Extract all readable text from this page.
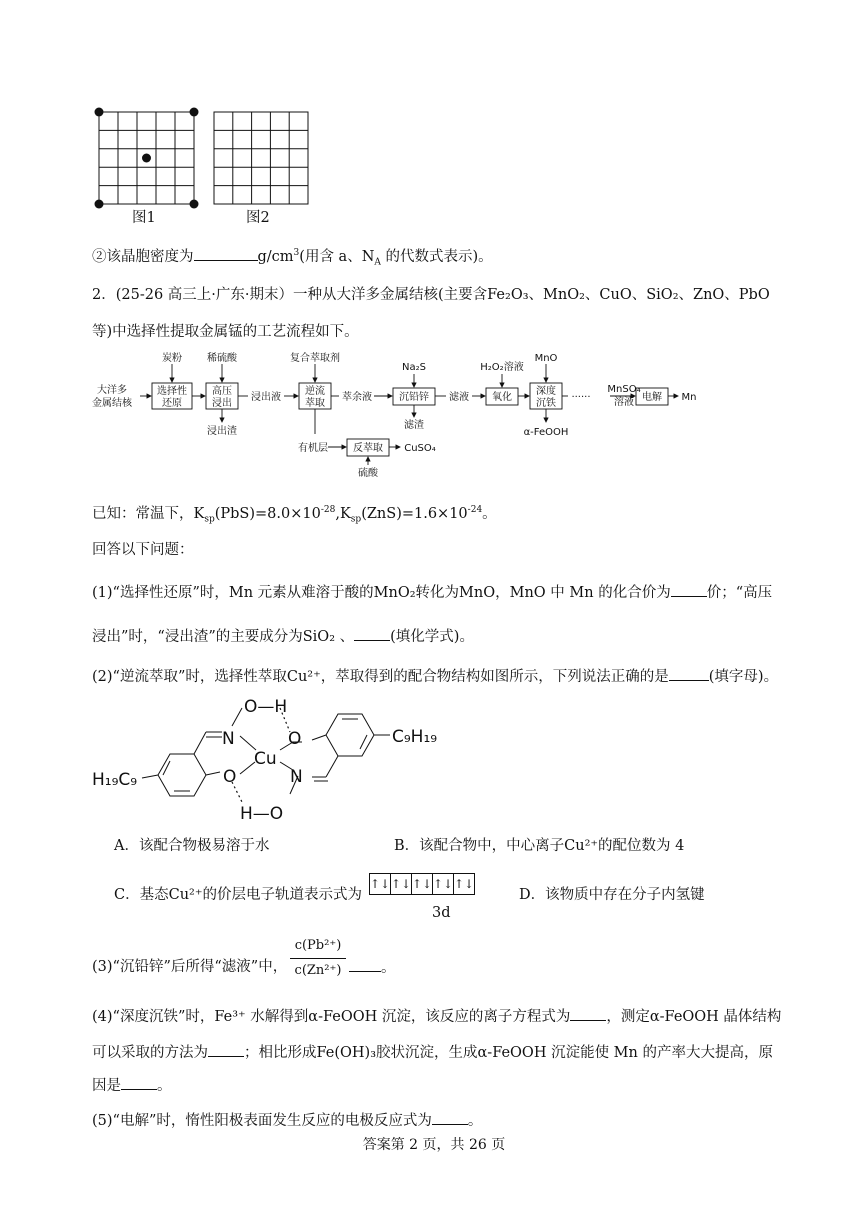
图1	图2
②该晶胞密度为	$g/cm^3$(用含 a、$N_A$ 的代数式表示)。
2．(25-26 高三上·广东·期末）一种从大洋多金属结核(主要含Fe₂O₃、MnO₂、CuO、SiO₂、ZnO、PbO
等)中选择性提取金属锰的工艺流程如下。
大洋多
金属结核
选择性
还原
炭粉
高压
浸出
稀硫酸
浸出渣
浸出液
逆流
萃取
复合萃取剂
萃余液	沉铅锌
Na₂S
滤渣
滤液 氧化
H₂O₂溶液
深度
沉铁
MnO
α-FeOOH
······
MnSO₄
溶液 电解 Mn
有机层	反萃取
硫酸
CuSO₄
已知：常温下，$K_{sp}(PbS)=8.0\times 10^{-28},K_{sp}(ZnS)=1.6\times 10^{-24}$。
回答以下问题：
(1)“选择性还原”时，Mn 元素从难溶于酸的MnO₂转化为MnO，MnO 中 Mn 的化合价为 价；“高压
浸出”时，“浸出渣”的主要成分为SiO₂ 、 (填化学式)。
(2)“逆流萃取”时，选择性萃取Cu²⁺，萃取得到的配合物结构如图所示，下列说法正确的是	(填字母)。
O—H
N
Cu
O
O	N
H—O
C₉H₁₉
H₁₉C₉
A．该配合物极易溶于水	B．该配合物中，中心离子Cu²⁺的配位数为 4
C．基态Cu²⁺的价层电子轨道表示式为
↑↓↑↓↑↓↑↓↑↓
3d
D．该物质中存在分子内氢键
(3)“沉铅锌”后所得“滤液”中，
c(Pb²⁺)
c(Zn²⁺)	。
(4)“深度沉铁”时，Fe³⁺ 水解得到α-FeOOH 沉淀，该反应的离子方程式为 ，测定α-FeOOH 晶体结构
可以采取的方法为 ；相比形成Fe(OH)₃胶状沉淀，生成α-FeOOH 沉淀能使 Mn 的产率大大提高，原
因是 。
(5)“电解”时，惰性阳极表面发生反应的电极反应式为 。
答案第 2 页，共 26 页
